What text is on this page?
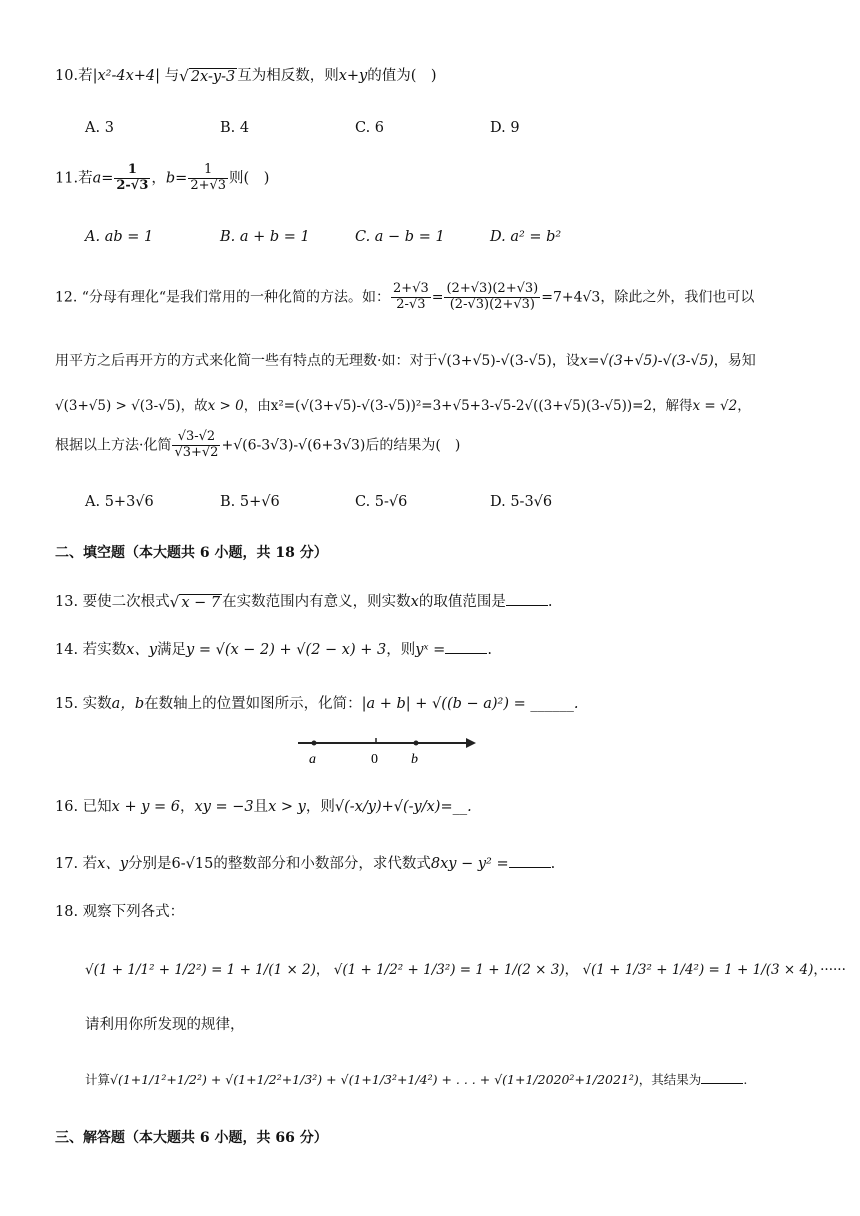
10.若|x²-4x+4| 与√ 2x-y-3 互为相反数，则x+y的值为(　)
A. 3	B. 4	C. 6	D. 9
11.若$a= \frac{1}{2-√3}$ ，$b= \frac{1}{2+√3}$ 则(　)
A. ab = 1	B. a + b = 1	C. a − b = 1	D. a² = b²
12. “分母有理化“是我们常用的一种化简的方法。如： $\frac{2+√3}{2-√3} = \frac{(2+√3)(2+√3)}{(2-√3)(2+√3)} =7+4√3$，除此之外，我们也可以
用平方之后再开方的方式来化简一些有特点的无理数·如：对于√(3+√5)-√(3-√5)，设x=√(3+√5)-√(3-√5)，易知
√(3+√5) > √(3-√5)，故x > 0，由x²=(√(3+√5)-√(3-√5))²=3+√5+3-√5-2√((3+√5)(3-√5))=2，解得x = √2，
根据以上方法·化简 $\frac{√3-√2}{√3+√2} +√(6-3√3)-√(6+3√3)$后的结果为(　)
A. 5+3√6	B. 5+√6	C. 5-√6	D. 5-3√6
二、填空题（本大题共 6 小题，共 18 分）
13. 要使二次根式√ x − 7 在实数范围内有意义，则实数x的取值范围是	.
14. 若实数x、y满足y = √(x − 2) + √(2 − x) + 3，则yˣ =	.
15. 实数a，b在数轴上的位置如图所示，化简：|a + b| + √((b − a)²) = ______.
a	0 b
16. 已知x + y = 6，xy = −3且x > y，则√(-x/y)+√(-y/x)=__.
17. 若x、y分别是6-√15的整数部分和小数部分，求代数式8xy − y² =	.
18. 观察下列各式：
√(1 + 1/1² + 1/2²) = 1 + 1/(1 × 2)， √(1 + 1/2² + 1/3²) = 1 + 1/(2 × 3)， √(1 + 1/3² + 1/4²) = 1 + 1/(3 × 4)，······
请利用你所发现的规律，
计算√(1+1/1²+1/2²) + √(1+1/2²+1/3²) + √(1+1/3²+1/4²) + . . . + √(1+1/2020²+1/2021²)，其结果为	.
三、解答题（本大题共 6 小题，共 66 分）
